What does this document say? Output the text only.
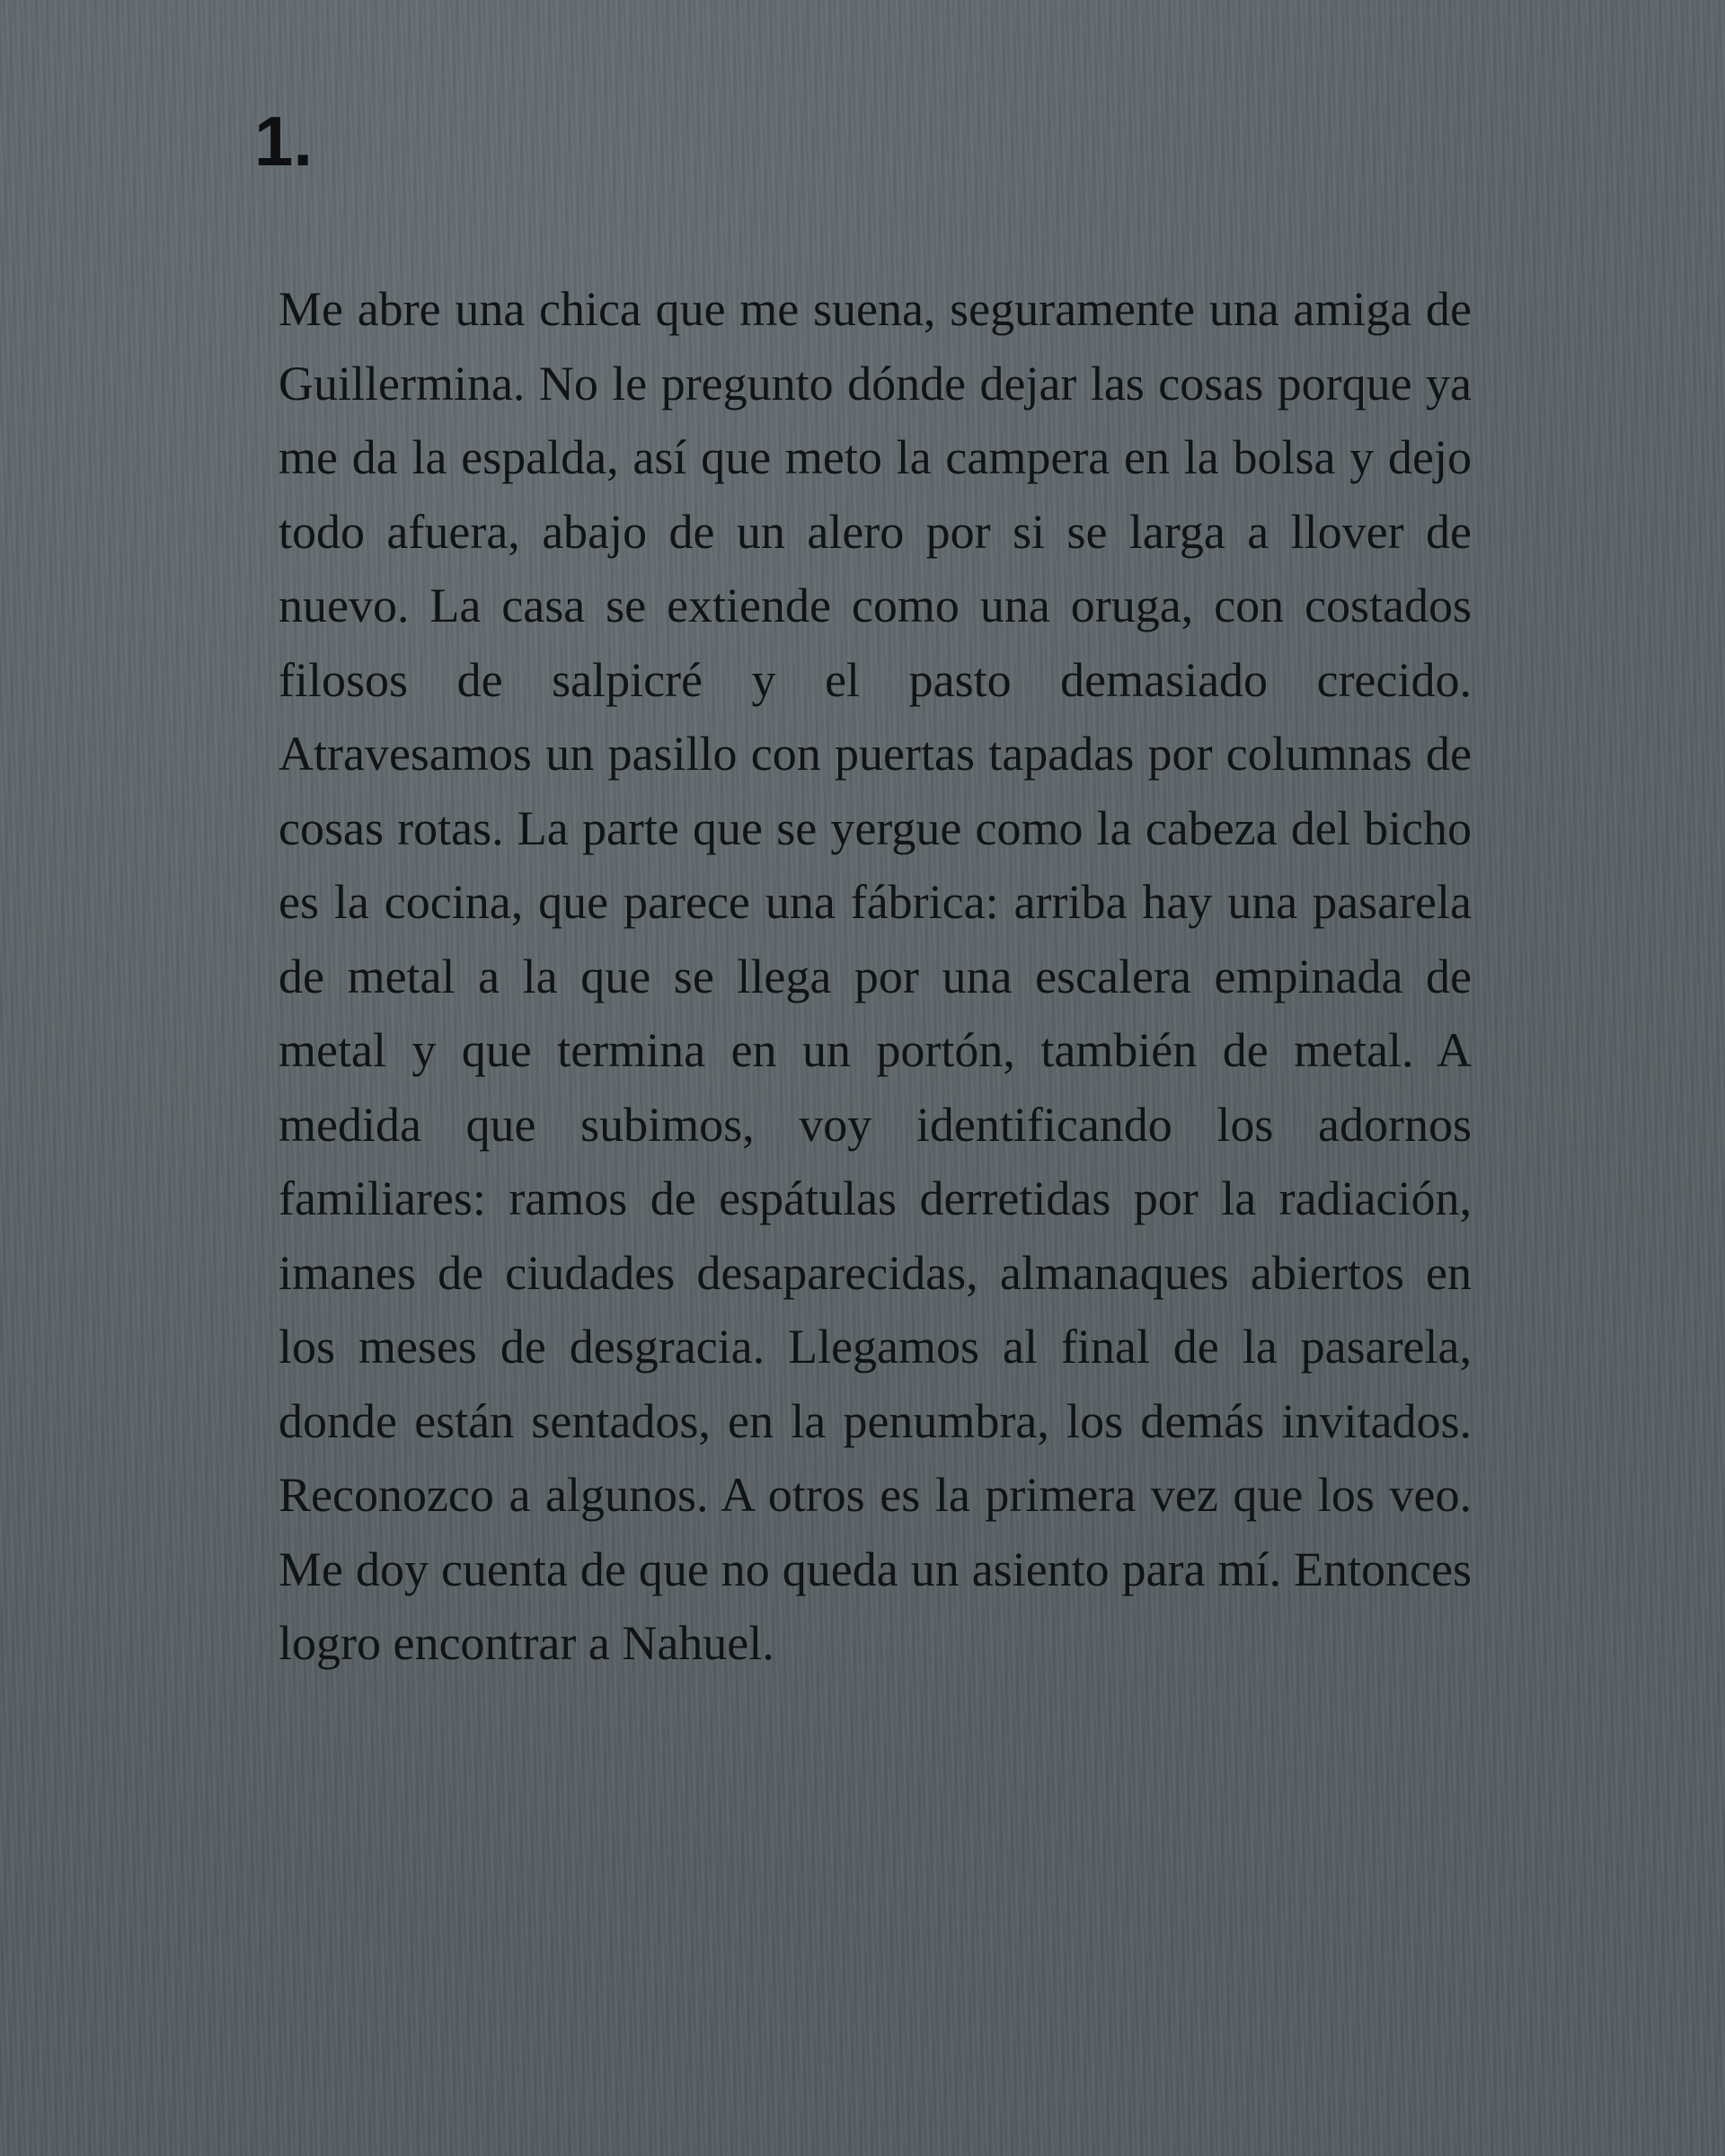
1.

Me abre una chica que me suena, seguramente una amiga de Guillermina. No le pregunto dónde dejar las cosas porque ya me da la espalda, así que meto la campera en la bolsa y dejo todo afuera, abajo de un alero por si se larga a llover de nuevo. La casa se extiende como una oruga, con costados filosos de salpicré y el pasto demasiado crecido. Atravesamos un pasillo con puertas tapadas por columnas de cosas rotas. La parte que se yergue como la cabeza del bicho es la cocina, que parece una fábrica: arriba hay una pasarela de metal a la que se llega por una escalera empinada de metal y que termina en un portón, también de metal. A medida que subimos, voy identificando los adornos familiares: ramos de espátulas derretidas por la radiación, imanes de ciudades desaparecidas, almanaques abiertos en los meses de desgracia. Llegamos al final de la pasarela, donde están sentados, en la penumbra, los demás invitados. Reconozco a algunos. A otros es la primera vez que los veo. Me doy cuenta de que no queda un asiento para mí. Entonces logro encontrar a Nahuel.
